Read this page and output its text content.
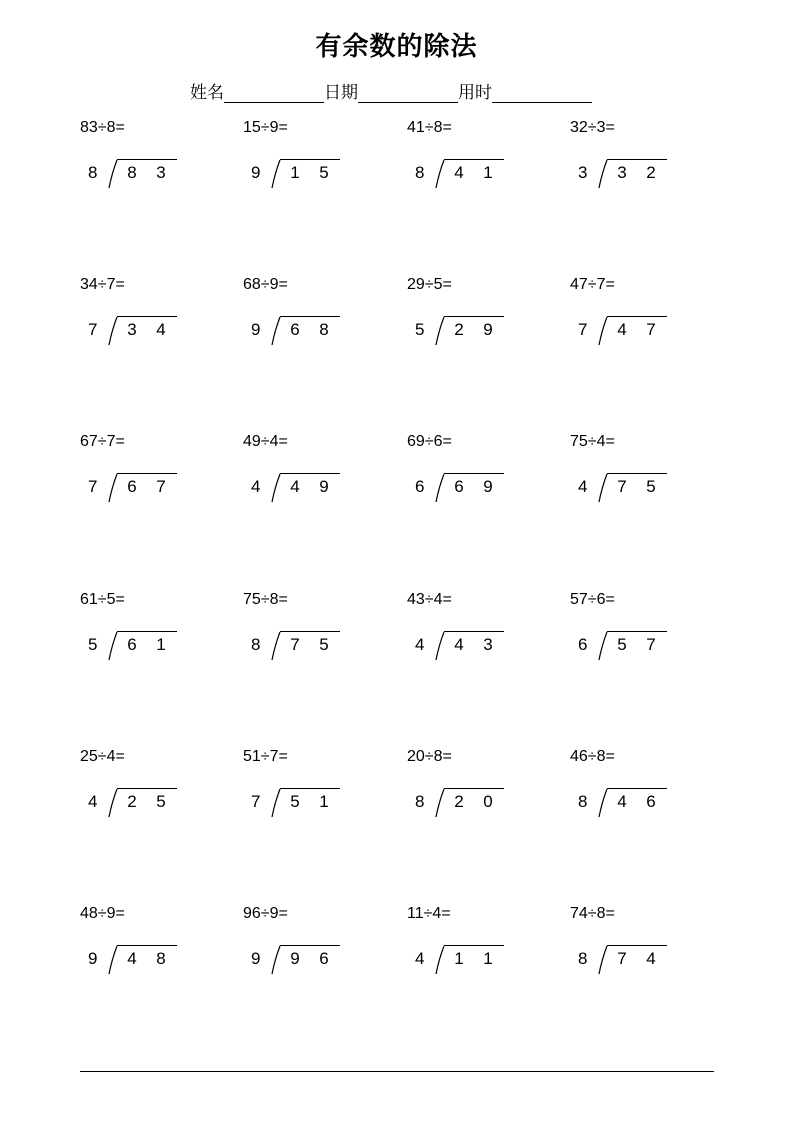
有余数的除法
姓名	日期	用时
83÷8=
8 8 3
15÷9=
9 1 5
41÷8=
8 4 1
32÷3=
3 3 2
34÷7=
7 3 4
68÷9=
9 6 8
29÷5=
5 2 9
47÷7=
7 4 7
67÷7=
7 6 7
49÷4=
4 4 9
69÷6=
6 6 9
75÷4=
4 7 5
61÷5=
5 6 1
75÷8=
8 7 5
43÷4=
4 4 3
57÷6=
6 5 7
25÷4=
4 2 5
51÷7=
7 5 1
20÷8=
8 2 0
46÷8=
8 4 6
48÷9=
9 4 8
96÷9=
9 9 6
11÷4=
4 1 1
74÷8=
8 7 4
